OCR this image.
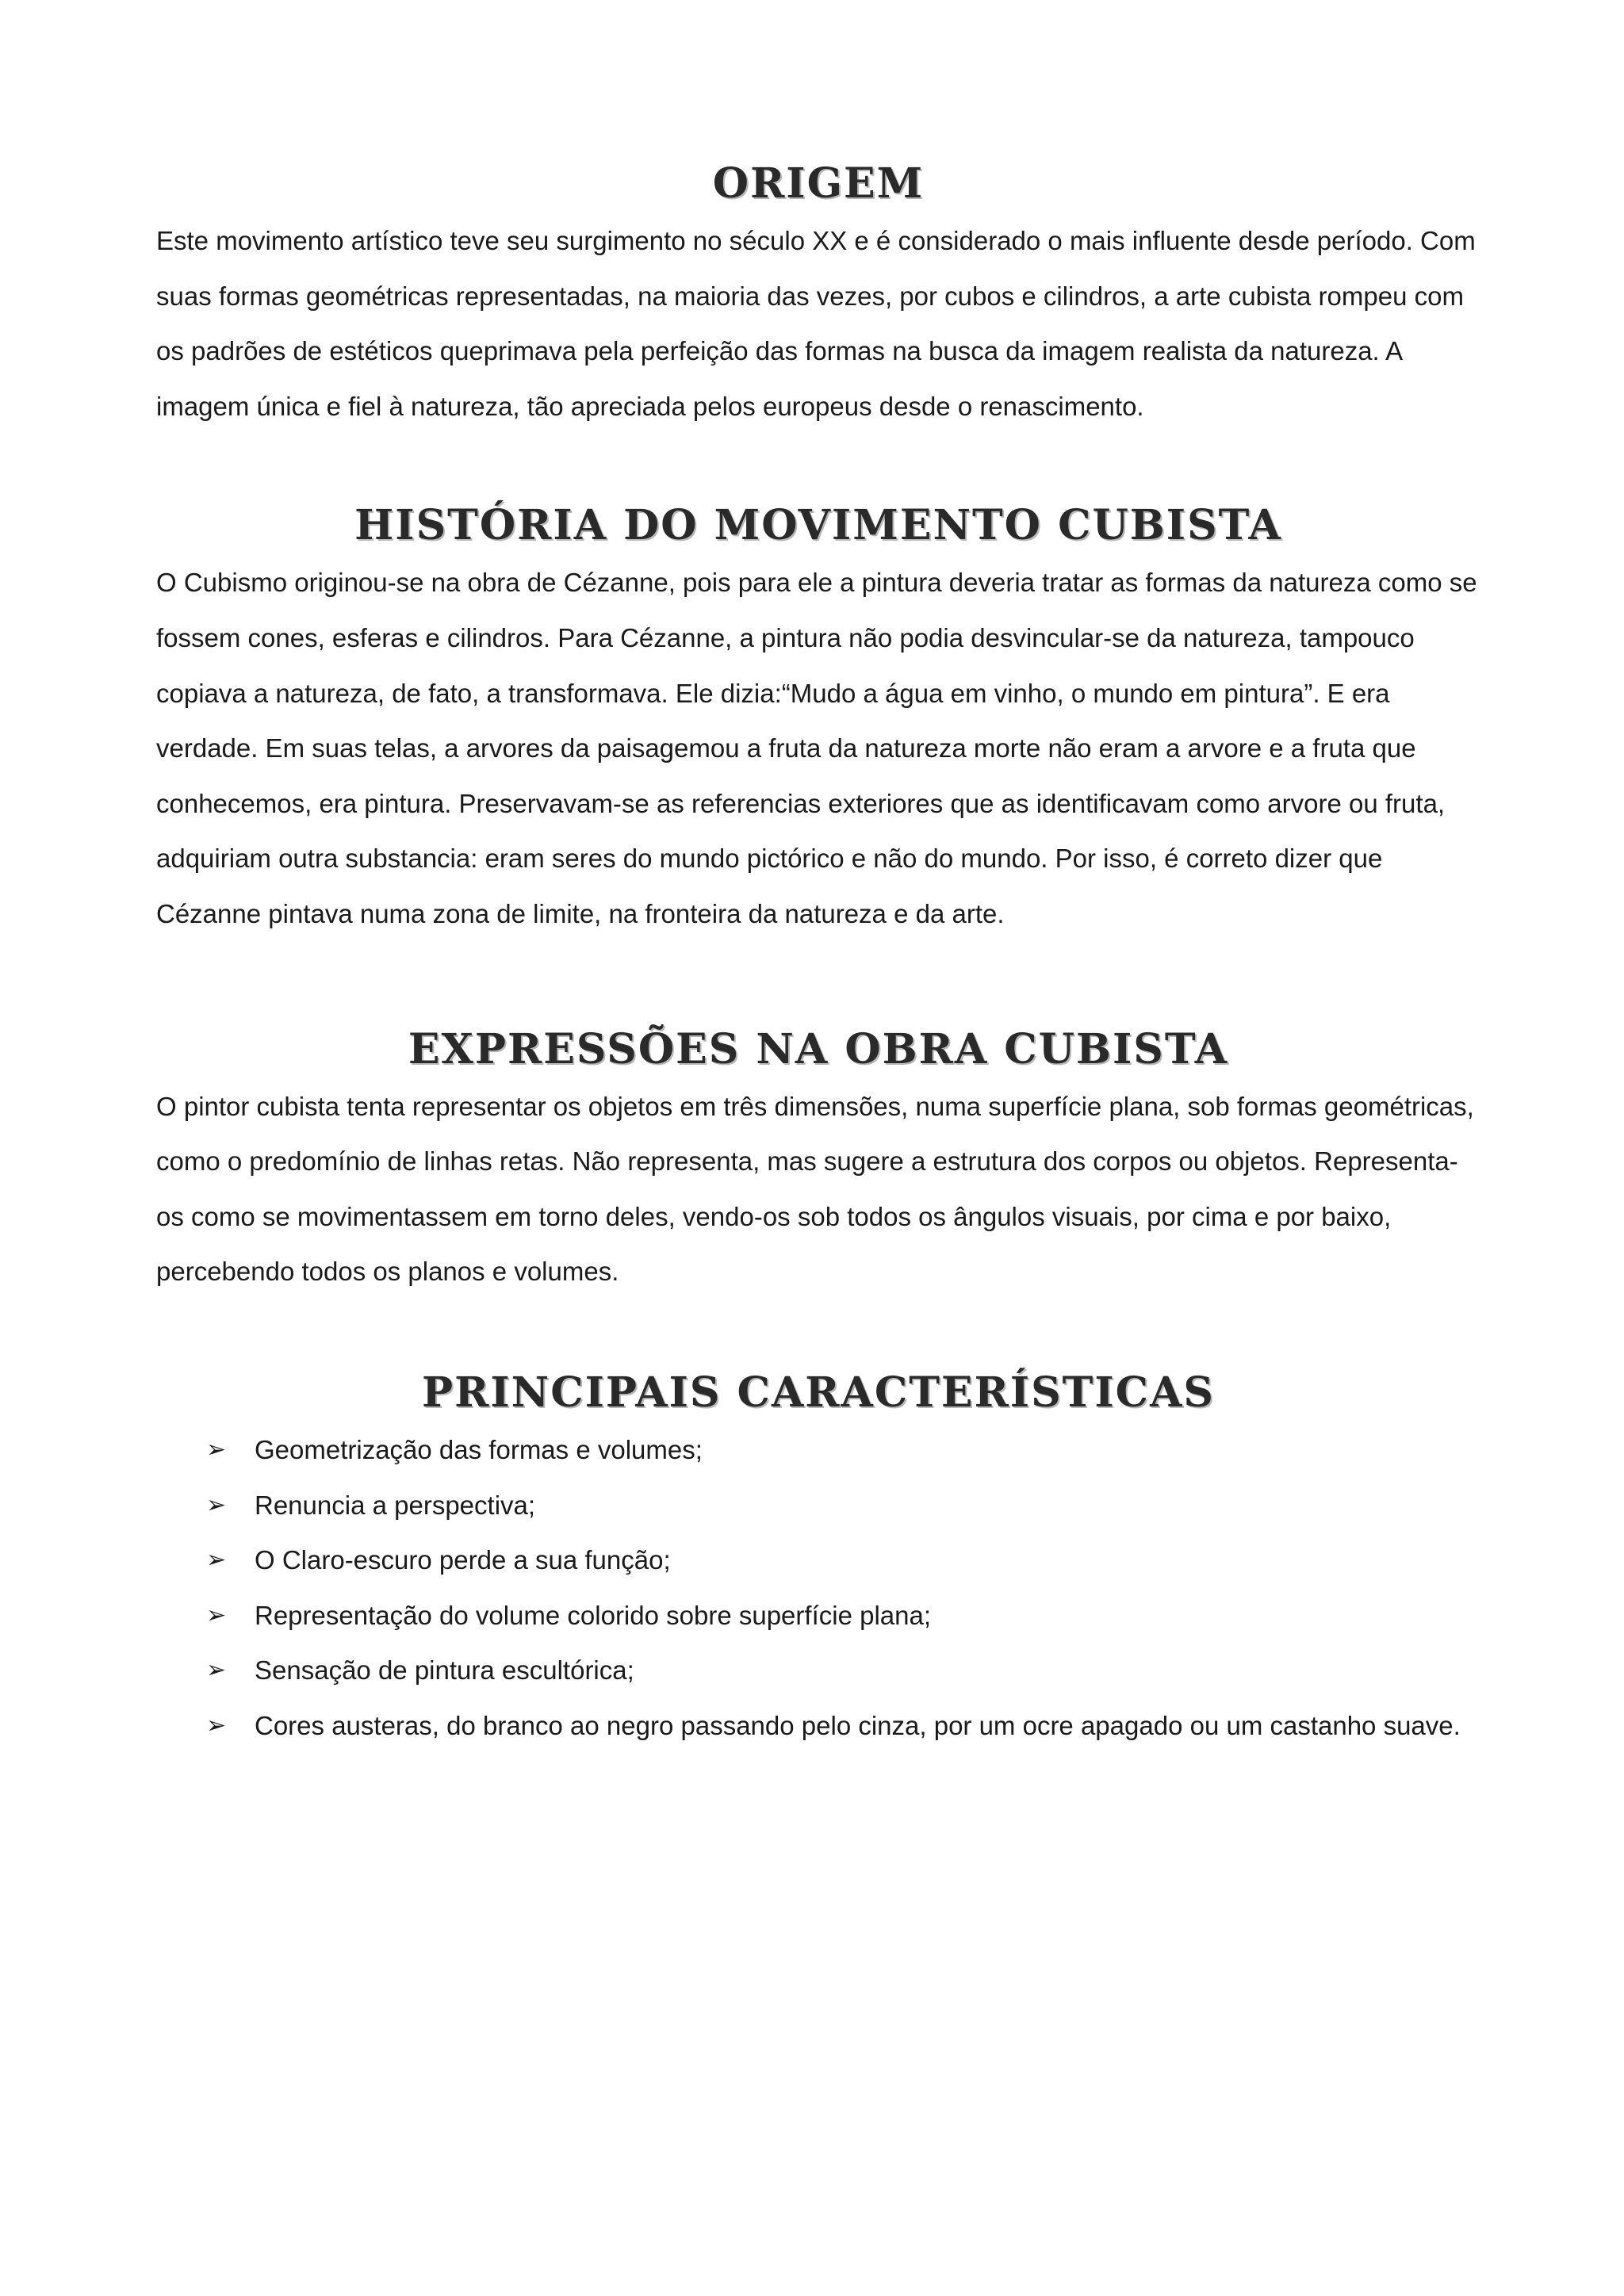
ORIGEM

Este movimento artístico teve seu surgimento no século XX e é considerado o mais influente desde período. Com suas formas geométricas representadas, na maioria das vezes, por cubos e cilindros, a arte cubista rompeu com os padrões de estéticos queprimava pela perfeição das formas na busca da imagem realista da natureza. A imagem única e fiel à natureza, tão apreciada pelos europeus desde o renascimento.

HISTÓRIA DO MOVIMENTO CUBISTA

O Cubismo originou-se na obra de Cézanne, pois para ele a pintura deveria tratar as formas da natureza como se fossem cones, esferas e cilindros. Para Cézanne, a pintura não podia desvincular-se da natureza, tampouco copiava a natureza, de fato, a transformava. Ele dizia:“Mudo a água em vinho, o mundo em pintura”. E era verdade. Em suas telas, a arvores da paisagemou a fruta da natureza morte não eram a arvore e a fruta que conhecemos, era pintura. Preservavam-se as referencias exteriores que as identificavam como arvore ou fruta, adquiriam outra substancia: eram seres do mundo pictórico e não do mundo. Por isso, é correto dizer que Cézanne pintava numa zona de limite, na fronteira da natureza e da arte.

EXPRESSÕES NA OBRA CUBISTA

O pintor cubista tenta representar os objetos em três dimensões, numa superfície plana, sob formas geométricas, como o predomínio de linhas retas. Não representa, mas sugere a estrutura dos corpos ou objetos. Representa-os como se movimentassem em torno deles, vendo-os sob todos os ângulos visuais, por cima e por baixo, percebendo todos os planos e volumes.

PRINCIPAIS CARACTERÍSTICAS
➢ Geometrização das formas e volumes;
➢ Renuncia a perspectiva;
➢ O Claro-escuro perde a sua função;
➢ Representação do volume colorido sobre superfície plana;
➢ Sensação de pintura escultórica;
➢ Cores austeras, do branco ao negro passando pelo cinza, por um ocre apagado ou um castanho suave.
